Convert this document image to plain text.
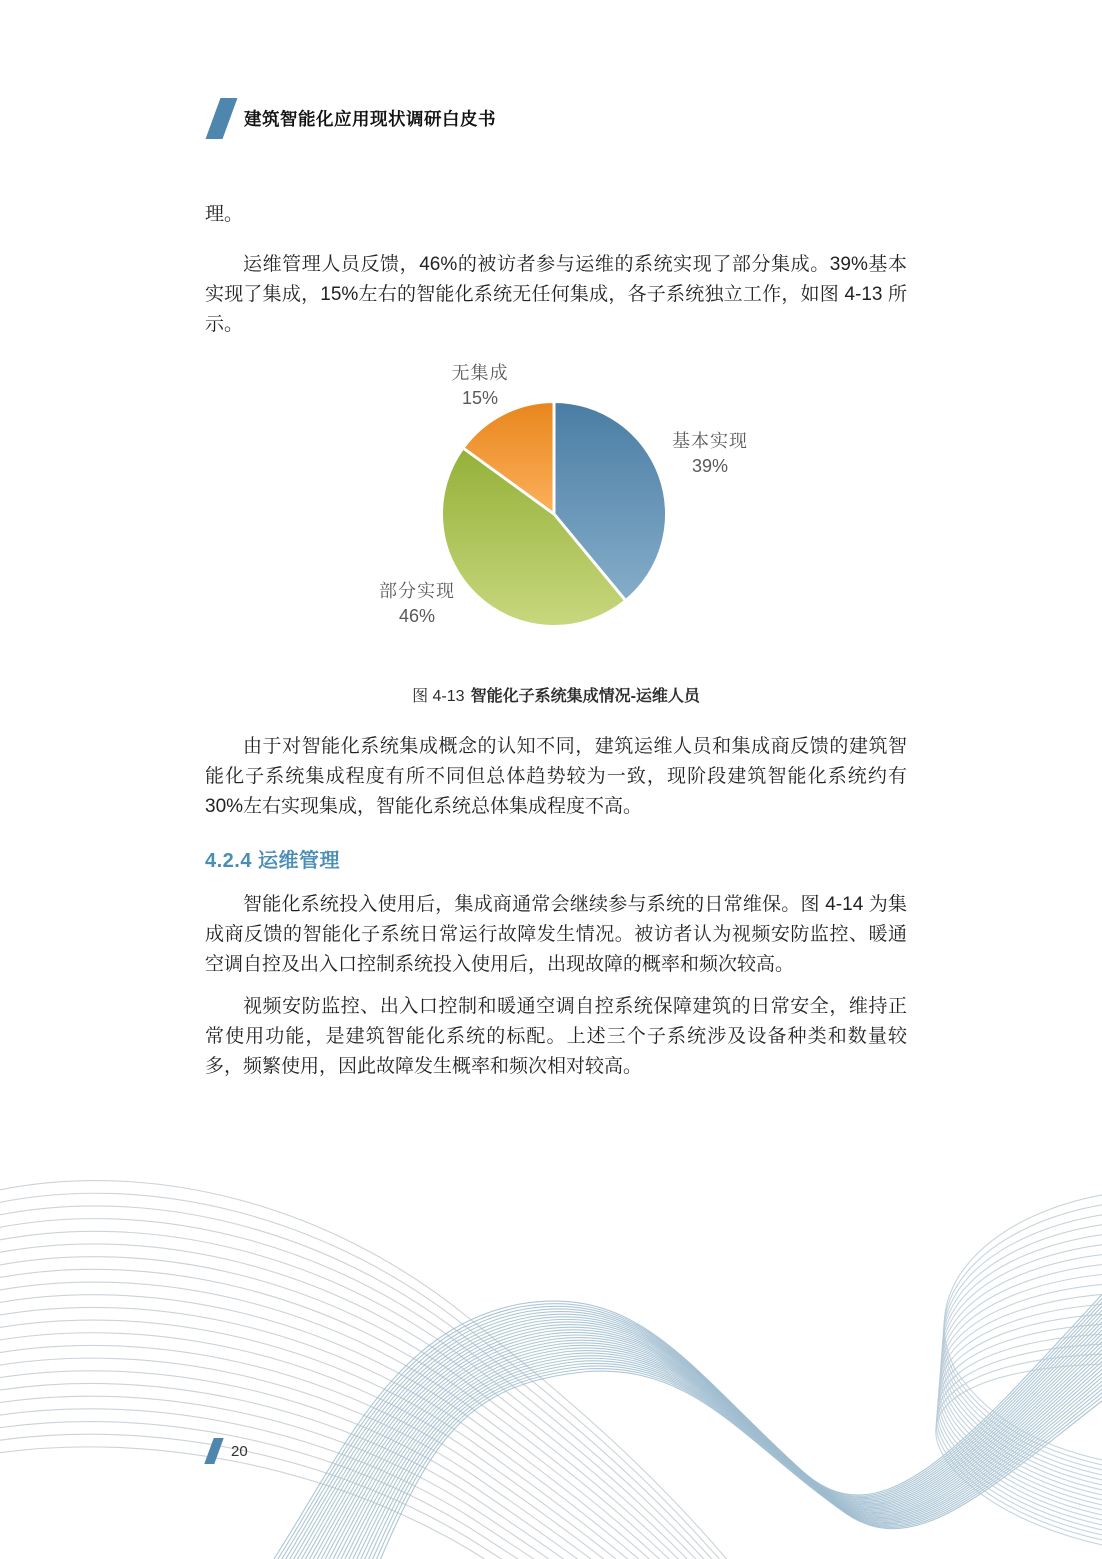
建筑智能化应用现状调研白皮书

理。

运维管理人员反馈，46%的被访者参与运维的系统实现了部分集成。39%基本实现了集成，15%左右的智能化系统无任何集成，各子系统独立工作，如图 4-13 所示。

无集成
15%
基本实现
39%
部分实现
46%
图 4-13 智能化子系统集成情况-运维人员

由于对智能化系统集成概念的认知不同，建筑运维人员和集成商反馈的建筑智能化子系统集成程度有所不同但总体趋势较为一致，现阶段建筑智能化系统约有 30%左右实现集成，智能化系统总体集成程度不高。

4.2.4 运维管理

智能化系统投入使用后，集成商通常会继续参与系统的日常维保。图 4-14 为集成商反馈的智能化子系统日常运行故障发生情况。被访者认为视频安防监控、暖通空调自控及出入口控制系统投入使用后，出现故障的概率和频次较高。

视频安防监控、出入口控制和暖通空调自控系统保障建筑的日常安全，维持正常使用功能，是建筑智能化系统的标配。上述三个子系统涉及设备种类和数量较多，频繁使用，因此故障发生概率和频次相对较高。

20
